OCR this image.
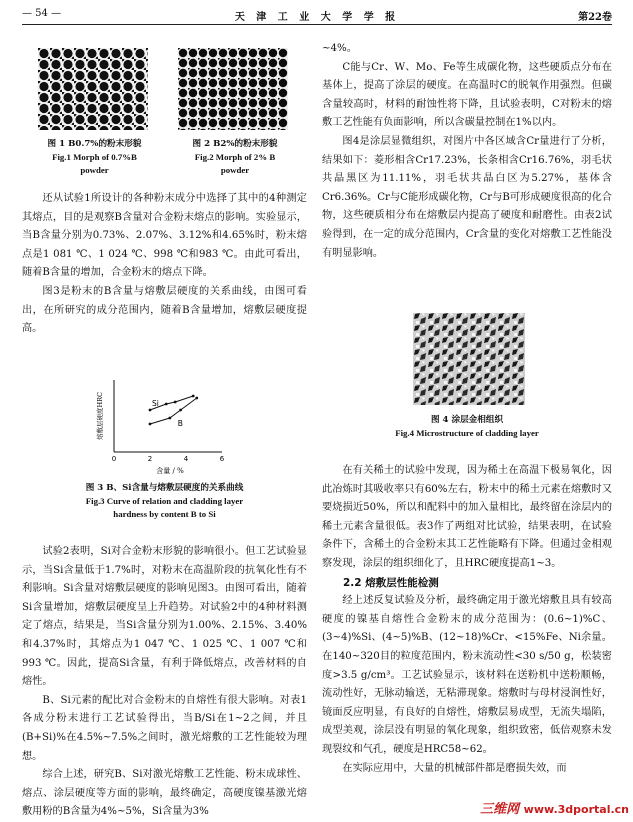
— 54 —	天 津 工 业 大 学 学 报	第22卷
图 1 B0.7%的粉末形貌
Fig.1 Morph of 0.7%B
powder
图 2 B2%的粉末形貌
Fig.2 Morph of 2% B
powder

还从试验1所设计的各种粉末成分中选择了其中的4种测定其熔点，目的是观察B含量对合金粉末熔点的影响。实验显示，当B含量分别为0.73%、2.07%、3.12%和4.65%时，粉末熔点是1 081 ℃、1 024 ℃、998 ℃和983 ℃。由此可看出，随着B含量的增加，合金粉末的熔点下降。

图3是粉末的B含量与熔敷层硬度的关系曲线，由图可看出，在所研究的成分范围内，随着B含量增加，熔敷层硬度提高。

熔敷层硬度HRC
0	2	4	6
含量 / %
Si
B
图 3 B、Si含量与熔敷层硬度的关系曲线
Fig.3 Curve of relation and cladding layer
hardness by content B to Si

试验2表明，Si对合金粉末形貌的影响很小。但工艺试验显示，当Si含量低于1.7%时，对粉末在高温阶段的抗氧化性有不利影响。Si含量对熔敷层硬度的影响见图3。由图可看出，随着Si含量增加，熔敷层硬度呈上升趋势。对试验2中的4种材料测定了熔点，结果是，当Si含量分别为1.00%、2.15%、3.40%和4.37%时，其熔点为1 047 ℃、1 025 ℃、1 007 ℃和993 ℃。因此，提高Si含量，有利于降低熔点，改善材料的自熔性。

B、Si元素的配比对合金粉末的自熔性有很大影响。对表1各成分粉末进行工艺试验得出，当B/Si在1~2之间，并且(B+Si)%在4.5%~7.5%之间时，激光熔敷的工艺性能较为理想。

综合上述，研究B、Si对激光熔敷工艺性能、粉末成球性、熔点、涂层硬度等方面的影响，最终确定，高硬度镍基激光熔敷用粉的B含量为4%~5%，Si含量为3%

~4%。

C能与Cr、W、Mo、Fe等生成碳化物，这些硬质点分布在基体上，提高了涂层的硬度。在高温时C的脱氧作用强烈。但碳含量较高时，材料的耐蚀性将下降，且试验表明，C对粉末的熔敷工艺性能有负面影响，所以含碳量控制在1%以内。

图4是涂层显微组织，对图片中各区域含Cr量进行了分析，结果如下：菱形相含Cr17.23%，长条相含Cr16.76%，羽毛状共晶黑区为11.11%，羽毛状共晶白区为5.27%，基体含Cr6.36%。Cr与C能形成碳化物，Cr与B可形成硬度很高的化合物，这些硬质相分布在熔敷层内提高了硬度和耐磨性。由表2试验得到，在一定的成分范围内，Cr含量的变化对熔敷工艺性能没有明显影响。

图 4 涂层金相组织
Fig.4 Microstructure of cladding layer

在有关稀土的试验中发现，因为稀土在高温下极易氧化，因此冶炼时其吸收率只有60%左右，粉末中的稀土元素在熔敷时又要烧损近50%，所以和配料中的加入量相比，最终留在涂层内的稀土元素含量很低。表3作了两组对比试验，结果表明，在试验条件下，含稀土的合金粉末其工艺性能略有下降。但通过金相观察发现，涂层的组织细化了，且HRC硬度提高1~3。

2.2 熔敷层性能检测

经上述反复试验及分析，最终确定用于激光熔敷且具有较高硬度的镍基自熔性合金粉末的成分范围为：(0.6~1)%C、(3~4)%Si、(4~5)%B、(12~18)%Cr、<15%Fe、Ni余量。在140~320目的粒度范围内，粉末流动性<30 s/50 g，松装密度>3.5 g/cm³。工艺试验显示，该材料在送粉机中送粉顺畅，流动性好，无脉动输送，无粘滞现象。熔敷时与母材浸润性好，镜面反应明显，有良好的自熔性，熔敷层易成型，无流失塌陷，成型美观，涂层没有明显的氧化现象，组织致密，低倍观察未发现裂纹和气孔，硬度是HRC58~62。

在实际应用中，大量的机械部件都是磨损失效，而

三维网 www.3dportal.cn
